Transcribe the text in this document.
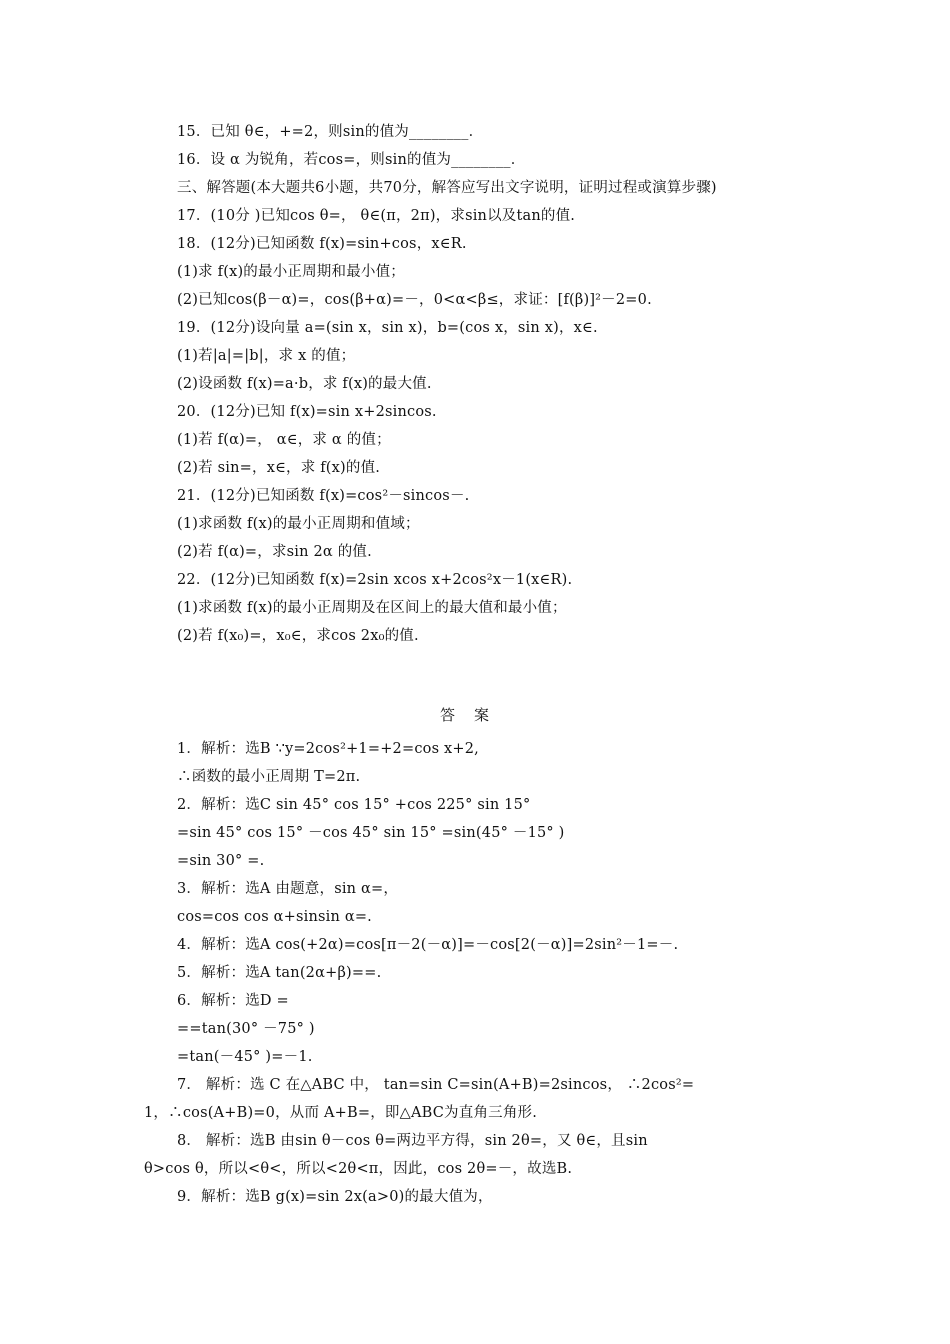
15．已知 θ∈，+=2，则sin的值为________．
16．设 α 为锐角，若cos=，则sin的值为________．
三、解答题(本大题共6小题，共70分，解答应写出文字说明，证明过程或演算步骤)
17．(10分 )已知cos θ=， θ∈(π，2π)，求sin以及tan的值.
18．(12分)已知函数 f(x)=sin+cos，x∈R.
(1)求 f(x)的最小正周期和最小值；
(2)已知cos(β－α)=，cos(β+α)=－，0<α<β≤，求证：[f(β)]²－2=0.
19．(12分)设向量 a=(sin x，sin x)，b=(cos x，sin x)，x∈.
(1)若|a|=|b|，求 x 的值；
(2)设函数 f(x)=a·b，求 f(x)的最大值.
20．(12分)已知 f(x)=sin x+2sincos.
(1)若 f(α)=， α∈，求 α 的值；
(2)若 sin=，x∈，求 f(x)的值.
21．(12分)已知函数 f(x)=cos²－sincos－.
(1)求函数 f(x)的最小正周期和值域；
(2)若 f(α)=，求sin 2α 的值.
22．(12分)已知函数 f(x)=2sin xcos x+2cos²x－1(x∈R).
(1)求函数 f(x)的最小正周期及在区间上的最大值和最小值；
(2)若 f(x₀)=，x₀∈，求cos 2x₀的值.
答　案
1．解析：选B ∵y=2cos²+1=+2=cos x+2,
∴函数的最小正周期 T=2π.
2．解析：选C sin 45° cos 15° +cos 225° sin 15°
=sin 45° cos 15° －cos 45° sin 15° =sin(45° －15° )
=sin 30° =.
3．解析：选A 由题意，sin α=，
cos=cos cos α+sinsin α=.
4．解析：选A cos(+2α)=cos[π－2(－α)]=－cos[2(－α)]=2sin²－1=－.
5．解析：选A tan(2α+β)==.
6．解析：选D =
==tan(30° －75° )
=tan(－45° )=－1.
7． 解析：选 C 在△ABC 中， tan=sin C=sin(A+B)=2sincos， ∴2cos²=
1，∴cos(A+B)=0，从而 A+B=，即△ABC为直角三角形.
8． 解析：选B 由sin θ－cos θ=两边平方得，sin 2θ=，又 θ∈，且sin
θ>cos θ，所以<θ<，所以<2θ<π，因此，cos 2θ=－，故选B.
9．解析：选B g(x)=sin 2x(a>0)的最大值为，
